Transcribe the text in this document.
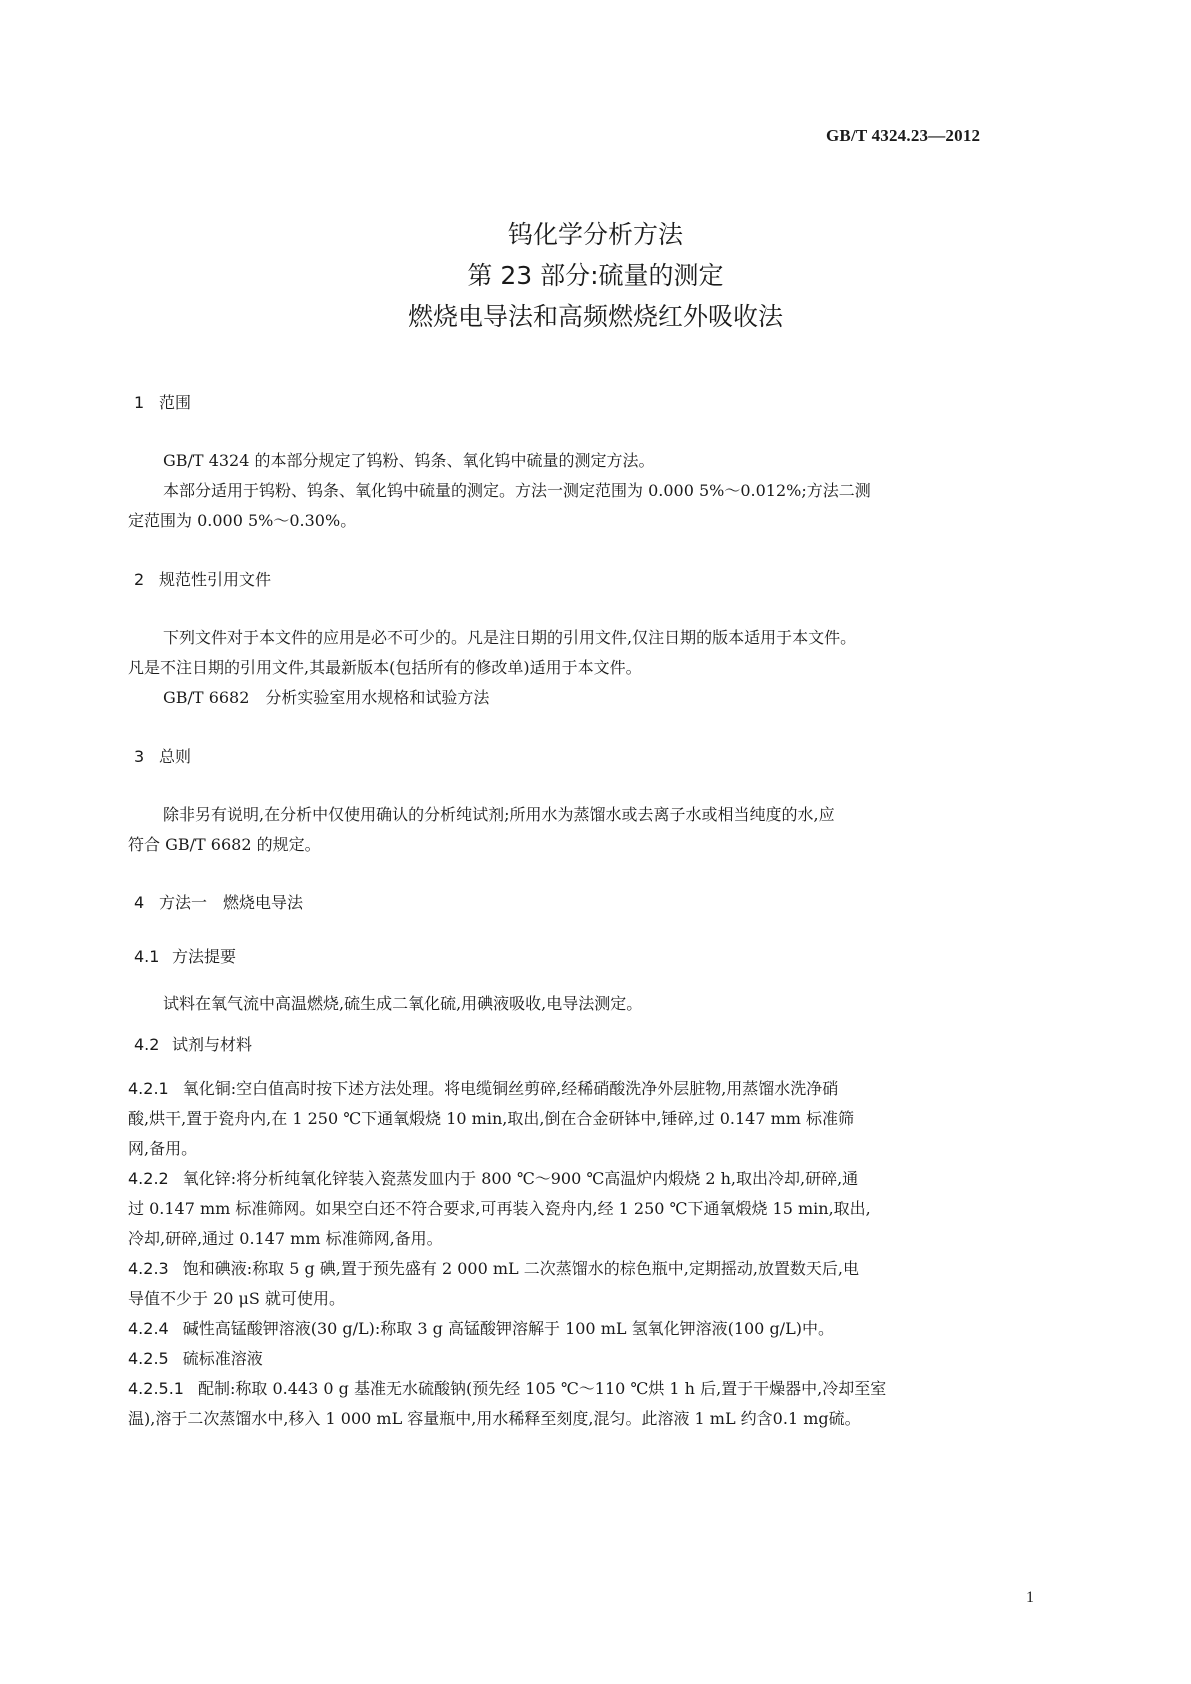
GB/T 4324.23—2012
钨化学分析方法
第 23 部分:硫量的测定
燃烧电导法和高频燃烧红外吸收法
1 范围
GB/T 4324 的本部分规定了钨粉、钨条、氧化钨中硫量的测定方法。
本部分适用于钨粉、钨条、氧化钨中硫量的测定。方法一测定范围为 0.000 5%～0.012%;方法二测
定范围为 0.000 5%～0.30%。
2 规范性引用文件
下列文件对于本文件的应用是必不可少的。凡是注日期的引用文件,仅注日期的版本适用于本文件。
凡是不注日期的引用文件,其最新版本(包括所有的修改单)适用于本文件。
GB/T 6682　分析实验室用水规格和试验方法
3 总则
除非另有说明,在分析中仅使用确认的分析纯试剂;所用水为蒸馏水或去离子水或相当纯度的水,应
符合 GB/T 6682 的规定。
4 方法一　燃烧电导法
4.1 方法提要
试料在氧气流中高温燃烧,硫生成二氧化硫,用碘液吸收,电导法测定。
4.2 试剂与材料
4.2.1 氧化铜:空白值高时按下述方法处理。将电缆铜丝剪碎,经稀硝酸洗净外层脏物,用蒸馏水洗净硝
酸,烘干,置于瓷舟内,在 1 250 ℃下通氧煅烧 10 min,取出,倒在合金研钵中,锤碎,过 0.147 mm 标准筛
网,备用。
4.2.2 氧化锌:将分析纯氧化锌装入瓷蒸发皿内于 800 ℃～900 ℃高温炉内煅烧 2 h,取出冷却,研碎,通
过 0.147 mm 标准筛网。如果空白还不符合要求,可再装入瓷舟内,经 1 250 ℃下通氧煅烧 15 min,取出,
冷却,研碎,通过 0.147 mm 标准筛网,备用。
4.2.3 饱和碘液:称取 5 g 碘,置于预先盛有 2 000 mL 二次蒸馏水的棕色瓶中,定期摇动,放置数天后,电
导值不少于 20 μS 就可使用。
4.2.4 碱性高锰酸钾溶液(30 g/L):称取 3 g 高锰酸钾溶解于 100 mL 氢氧化钾溶液(100 g/L)中。
4.2.5 硫标准溶液
4.2.5.1 配制:称取 0.443 0 g 基准无水硫酸钠(预先经 105 ℃～110 ℃烘 1 h 后,置于干燥器中,冷却至室
温),溶于二次蒸馏水中,移入 1 000 mL 容量瓶中,用水稀释至刻度,混匀。此溶液 1 mL 约含0.1 mg硫。
1
